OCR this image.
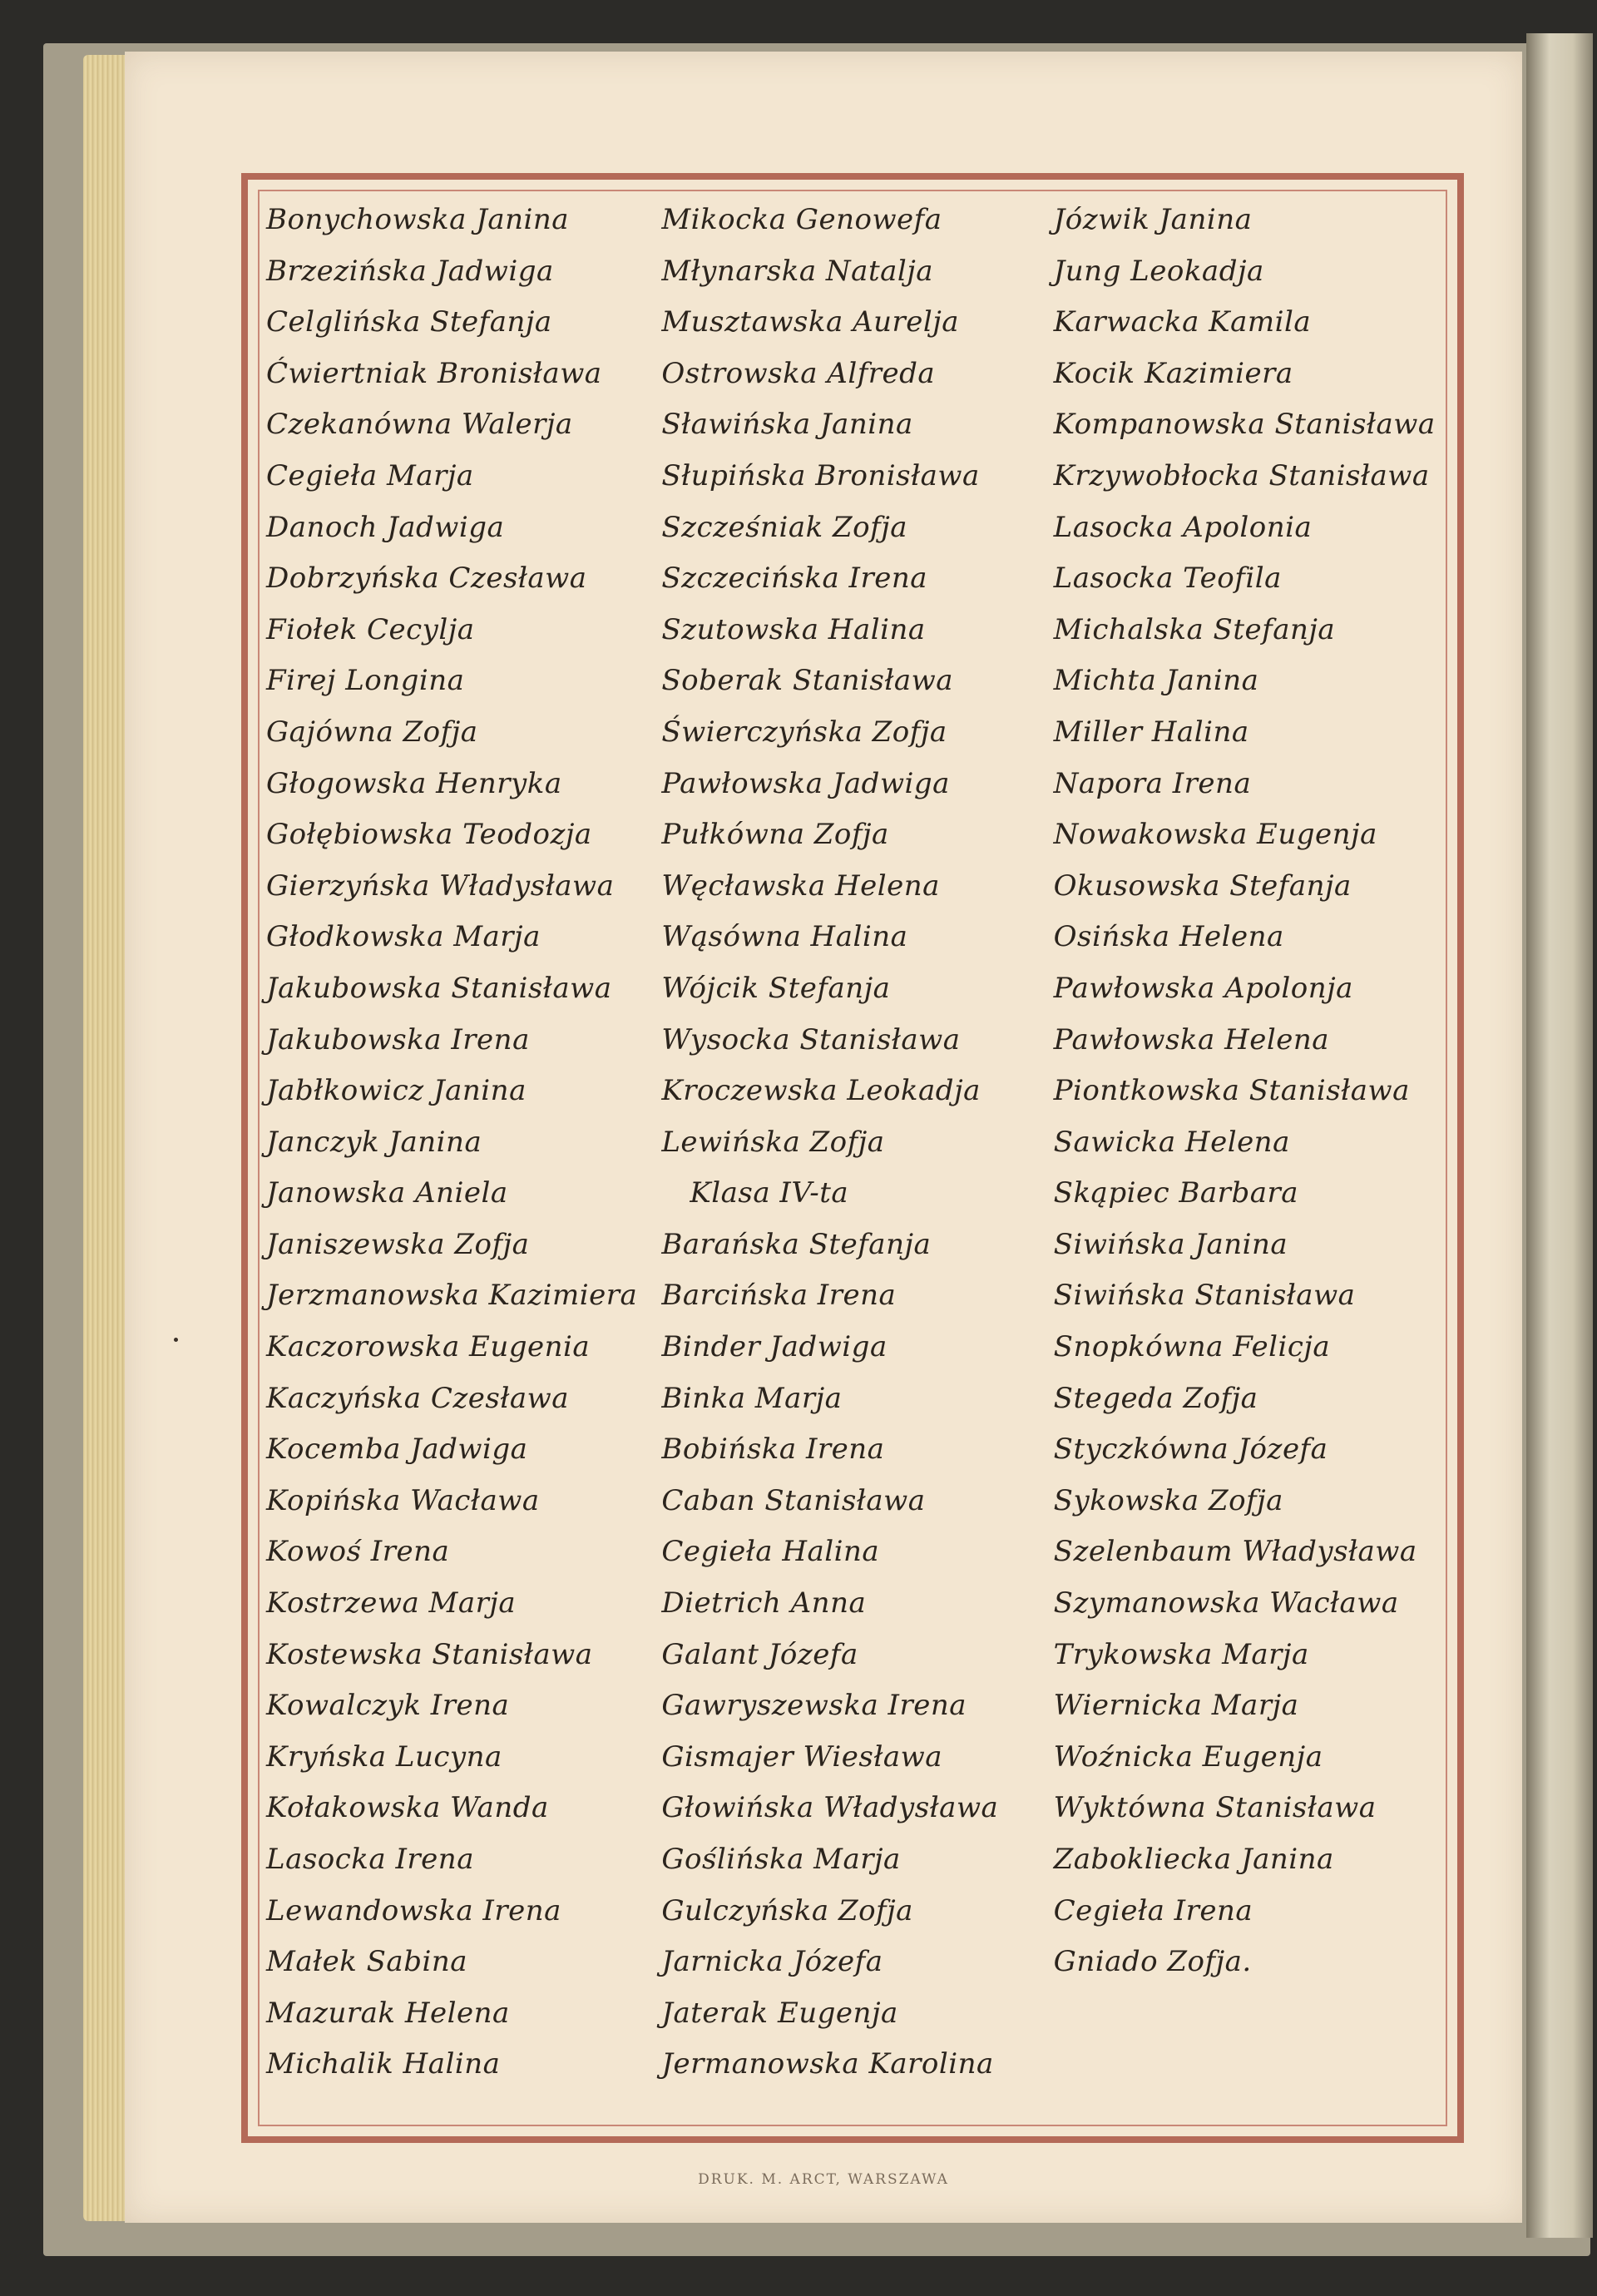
Bonychowska Janina
Brzezińska Jadwiga
Celglińska Stefanja
Ćwiertniak Bronisława
Czekanówna Walerja
Cegieła Marja
Danoch Jadwiga
Dobrzyńska Czesława
Fiołek Cecylja
Firej Longina
Gajówna Zofja
Głogowska Henryka
Gołębiowska Teodozja
Gierzyńska Władysława
Głodkowska Marja
Jakubowska Stanisława
Jakubowska Irena
Jabłkowicz Janina
Janczyk Janina
Janowska Aniela
Janiszewska Zofja
Jerzmanowska Kazimiera
Kaczorowska Eugenia
Kaczyńska Czesława
Kocemba Jadwiga
Kopińska Wacława
Kowoś Irena
Kostrzewa Marja
Kostewska Stanisława
Kowalczyk Irena
Kryńska Lucyna
Kołakowska Wanda
Lasocka Irena
Lewandowska Irena
Małek Sabina
Mazurak Helena
Michalik Halina
Mikocka Genowefa
Młynarska Natalja
Musztawska Aurelja
Ostrowska Alfreda
Sławińska Janina
Słupińska Bronisława
Szcześniak Zofja
Szczecińska Irena
Szutowska Halina
Soberak Stanisława
Świerczyńska Zofja
Pawłowska Jadwiga
Pułkówna Zofja
Węcławska Helena
Wąsówna Halina
Wójcik Stefanja
Wysocka Stanisława
Kroczewska Leokadja
Lewińska Zofja
Klasa IV-ta
Barańska Stefanja
Barcińska Irena
Binder Jadwiga
Binka Marja
Bobińska Irena
Caban Stanisława
Cegieła Halina
Dietrich Anna
Galant Józefa
Gawryszewska Irena
Gismajer Wiesława
Głowińska Władysława
Goślińska Marja
Gulczyńska Zofja
Jarnicka Józefa
Jaterak Eugenja
Jermanowska Karolina
Józwik Janina
Jung Leokadja
Karwacka Kamila
Kocik Kazimiera
Kompanowska Stanisława
Krzywobłocka Stanisława
Lasocka Apolonia
Lasocka Teofila
Michalska Stefanja
Michta Janina
Miller Halina
Napora Irena
Nowakowska Eugenja
Okusowska Stefanja
Osińska Helena
Pawłowska Apolonja
Pawłowska Helena
Piontkowska Stanisława
Sawicka Helena
Skąpiec Barbara
Siwińska Janina
Siwińska Stanisława
Snopkówna Felicja
Stegeda Zofja
Styczkówna Józefa
Sykowska Zofja
Szelenbaum Władysława
Szymanowska Wacława
Trykowska Marja
Wiernicka Marja
Woźnicka Eugenja
Wyktówna Stanisława
Zabokliecka Janina
Cegieła Irena
Gniado Zofja.
DRUK. M. ARCT, WARSZAWA
